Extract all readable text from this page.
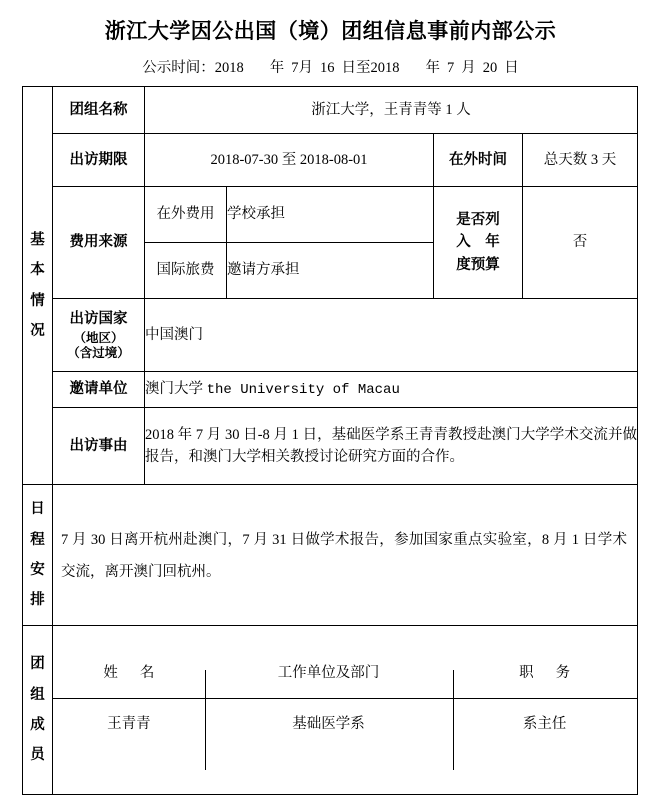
浙江大学因公出国（境）团组信息事前内部公示

公示时间：2018 年 7月 16 日至2018 年 7 月 20 日

基
本
情
况	团组名称	浙江大学，王青青等 1 人			
	出访期限	2018-07-30 至 2018-08-01		在外时间	总天数 3 天
	费用来源	在外费用	学校承担	是否列
入　年
度预算	否
		国际旅费	邀请方承担		

	出访国家
（地区）
（含过境）	中国澳门			
	邀请单位	澳门大学 the University of Macau			
	出访事由	2018 年 7 月 30 日-8 月 1 日，基础医学系王青青教授赴澳门大学学术交流并做报告，和澳门大学相关教授讨论研究方面的合作。			

日
程
安
排	7 月 30 日离开杭州赴澳门，7 月 31 日做学术报告，参加国家重点实验室，8 月 1 日学术交流，离开澳门回杭州。				

团
组
成
员

姓 名	工作单位及部门	职 务
王青青	基础医学系	系主任
